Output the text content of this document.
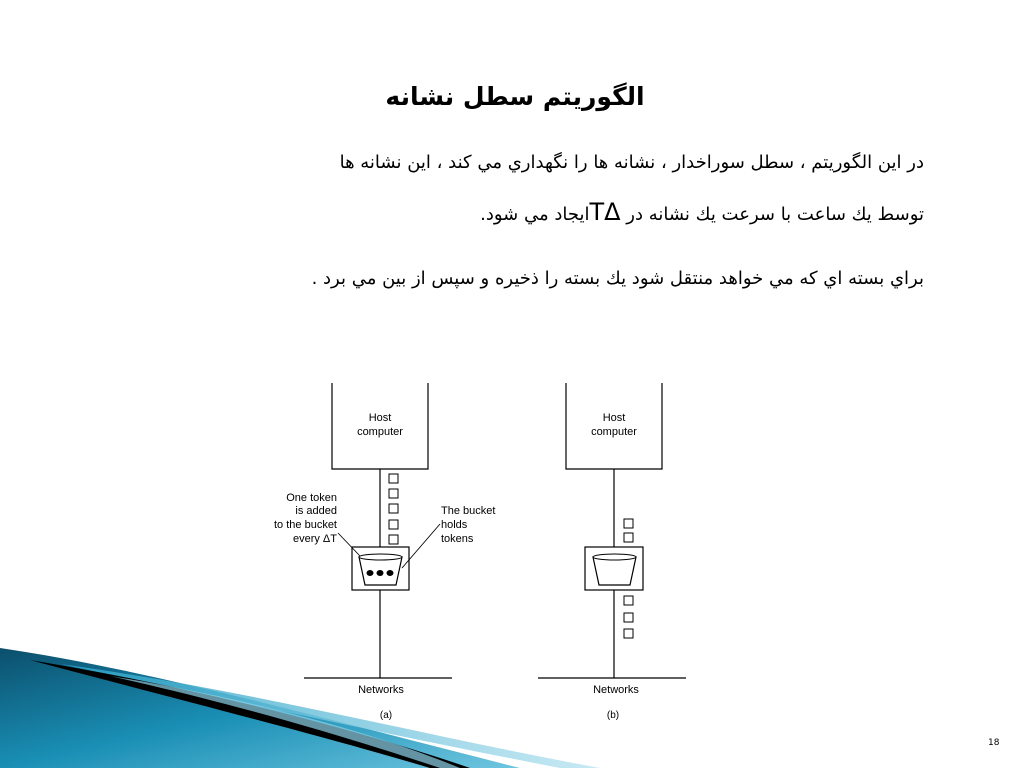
الگوريتم سطل نشانه
در اين الگوريتم ، سطل سوراخدار ، نشانه ها را نگهداري مي كند ، اين نشانه ها
توسط يك ساعت با سرعت يك نشانه در TΔايجاد مي شود.
براي بسته اي كه مي خواهد منتقل شود يك بسته را ذخيره و سپس از بين مي برد .
Host
computer
One token
is added
to the bucket
every ΔT
The bucket
holds
tokens
Networks
(a)
Host
computer
Networks
(b)
18
